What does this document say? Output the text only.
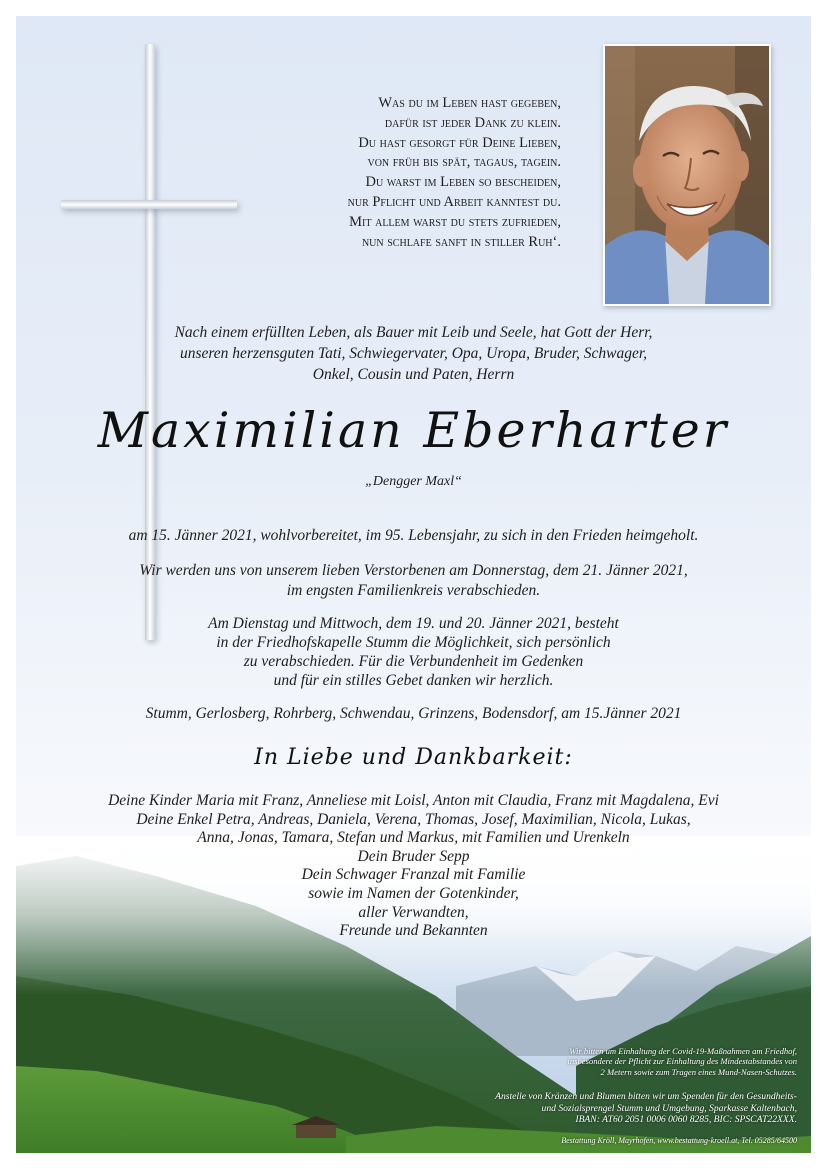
Was du im Leben hast gegeben,
dafür ist jeder Dank zu klein.
Du hast gesorgt für Deine Lieben,
von früh bis spät, tagaus, tagein.
Du warst im Leben so bescheiden,
nur Pflicht und Arbeit kanntest du.
Mit allem warst du stets zufrieden,
nun schlafe sanft in stiller Ruh‘.
Nach einem erfüllten Leben, als Bauer mit Leib und Seele, hat Gott der Herr,
unseren herzensguten Tati, Schwiegervater, Opa, Uropa, Bruder, Schwager,
Onkel, Cousin und Paten, Herrn
Maximilian Eberharter
„Dengger Maxl“
am 15. Jänner 2021, wohlvorbereitet, im 95. Lebensjahr, zu sich in den Frieden heimgeholt.
Wir werden uns von unserem lieben Verstorbenen am Donnerstag, dem 21. Jänner 2021,
im engsten Familienkreis verabschieden.
Am Dienstag und Mittwoch, dem 19. und 20. Jänner 2021, besteht
in der Friedhofskapelle Stumm die Möglichkeit, sich persönlich
zu verabschieden. Für die Verbundenheit im Gedenken
und für ein stilles Gebet danken wir herzlich.
Stumm, Gerlosberg, Rohrberg, Schwendau, Grinzens, Bodensdorf, am 15.Jänner 2021
In Liebe und Dankbarkeit:
Deine Kinder Maria mit Franz, Anneliese mit Loisl, Anton mit Claudia, Franz mit Magdalena, Evi
Deine Enkel Petra, Andreas, Daniela, Verena, Thomas, Josef, Maximilian, Nicola, Lukas,
Anna, Jonas, Tamara, Stefan und Markus, mit Familien und Urenkeln
Dein Bruder Sepp
Dein Schwager Franzal mit Familie
sowie im Namen der Gotenkinder,
aller Verwandten,
Freunde und Bekannten
Wir bitten um Einhaltung der Covid-19-Maßnahmen am Friedhof,
insbesondere der Pflicht zur Einhaltung des Mindestabstandes von
2 Metern sowie zum Tragen eines Mund-Nasen-Schutzes.
Anstelle von Kränzen und Blumen bitten wir um Spenden für den Gesundheits-
und Sozialsprengel Stumm und Umgebung, Sparkasse Kaltenbach,
IBAN: AT60 2051 0006 0060 8285, BIC: SPSCAT22XXX.
Bestattung Kröll, Mayrhofen, www.bestattung-kroell.at, Tel. 05285/64500
